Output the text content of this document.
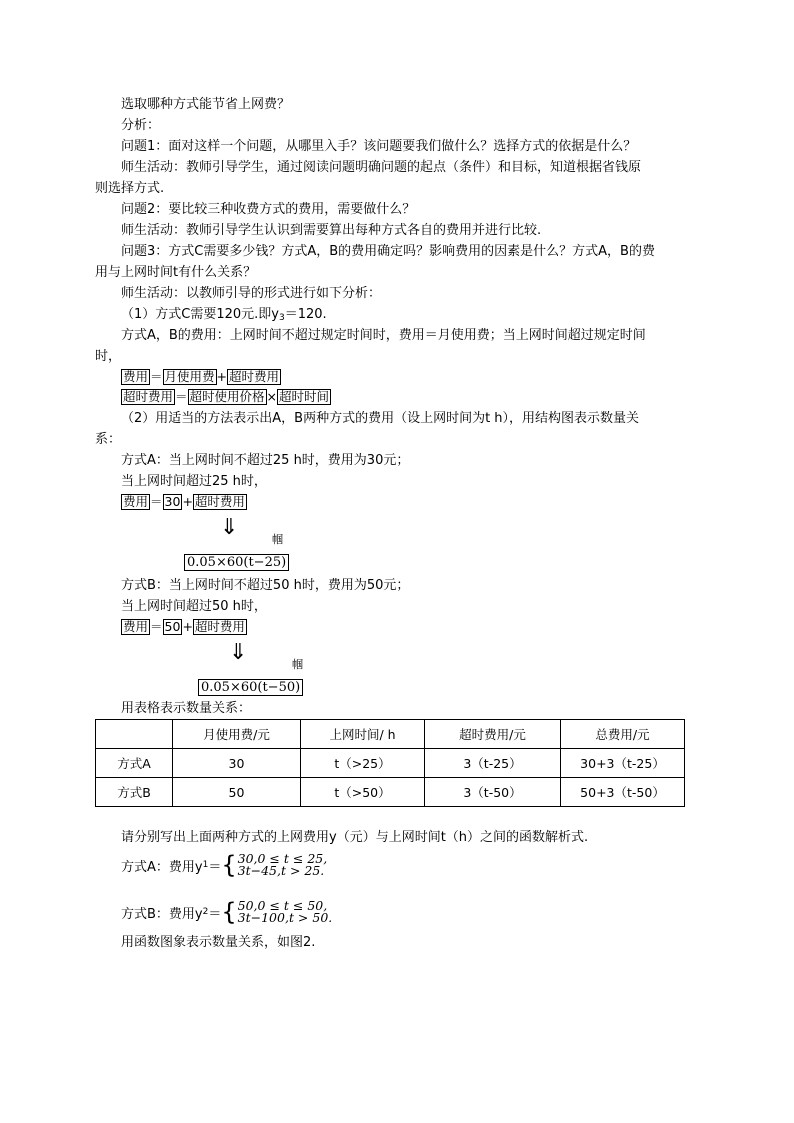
选取哪种方式能节省上网费？
分析：
问题1：面对这样一个问题，从哪里入手？该问题要我们做什么？选择方式的依据是什么？
师生活动：教师引导学生，通过阅读问题明确问题的起点（条件）和目标，知道根据省钱原
则选择方式.
问题2：要比较三种收费方式的费用，需要做什么？
师生活动：教师引导学生认识到需要算出每种方式各自的费用并进行比较.
问题3：方式C需要多少钱？方式A，B的费用确定吗？影响费用的因素是什么？方式A，B的费
用与上网时间t有什么关系？
师生活动：以教师引导的形式进行如下分析：
（1）方式C需要120元.即$y_3=120$.
方式A，B的费用：上网时间不超过规定时间时，费用＝月使用费；当上网时间超过规定时间
时，
费用 ＝ 月使用费 + 超时费用
超时费用 ＝ 超时使用价格 × 超时时间
（2）用适当的方法表示出A，B两种方式的费用（设上网时间为t h），用结构图表示数量关
系：
方式A：当上网时间不超过25 h时，费用为30元；
当上网时间超过25 h时，
费用 ＝ 30 + 超时费用
⇓	帼
0.05×60(t−25)
方式B：当上网时间不超过50 h时，费用为50元；
当上网时间超过50 h时，
费用 ＝ 50 + 超时费用
⇓	帼
0.05×60(t−50)
用表格表示数量关系：
	月使用费/元	上网时间/ h	超时费用/元	总费用/元
方式A	30	t（>25）	3（t-25）	30+3（t-25）
方式B	50	t（>50）	3（t-50）	50+3（t-50）
请分别写出上面两种方式的上网费用y（元）与上网时间t（h）之间的函数解析式.
方式A：费用y 1 ＝ { 30,0 ≤ t ≤ 25,
3t−45,t > 25.
方式B：费用y 2 ＝ { 50,0 ≤ t ≤ 50,
3t−100,t > 50.
用函数图象表示数量关系，如图2.
